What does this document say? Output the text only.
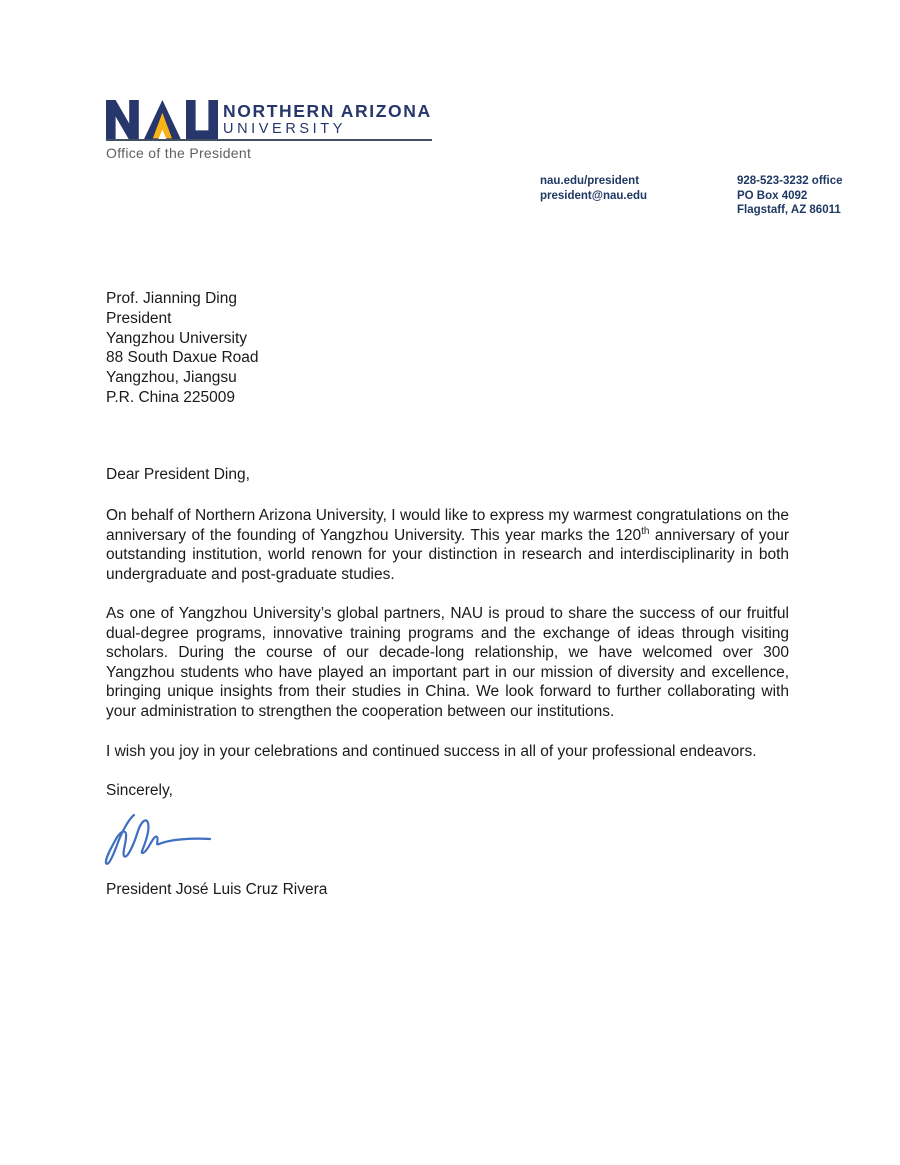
NORTHERN ARIZONA
UNIVERSITY
Office of the President
nau.edu/president
president@nau.edu
928-523-3232 office
PO Box 4092
Flagstaff, AZ 86011
Prof. Jianning Ding
President
Yangzhou University
88 South Daxue Road
Yangzhou, Jiangsu
P.R. China 225009
Dear President Ding,

On behalf of Northern Arizona University, I would like to express my warmest congratulations on the anniversary of the founding of Yangzhou University. This year marks the 120th anniversary of your outstanding institution, world renown for your distinction in research and interdisciplinarity in both undergraduate and post-graduate studies.

As one of Yangzhou University’s global partners, NAU is proud to share the success of our fruitful dual-degree programs, innovative training programs and the exchange of ideas through visiting scholars. During the course of our decade-long relationship, we have welcomed over 300 Yangzhou students who have played an important part in our mission of diversity and excellence, bringing unique insights from their studies in China. We look forward to further collaborating with your administration to strengthen the cooperation between our institutions.

I wish you joy in your celebrations and continued success in all of your professional endeavors.

Sincerely,
President José Luis Cruz Rivera
